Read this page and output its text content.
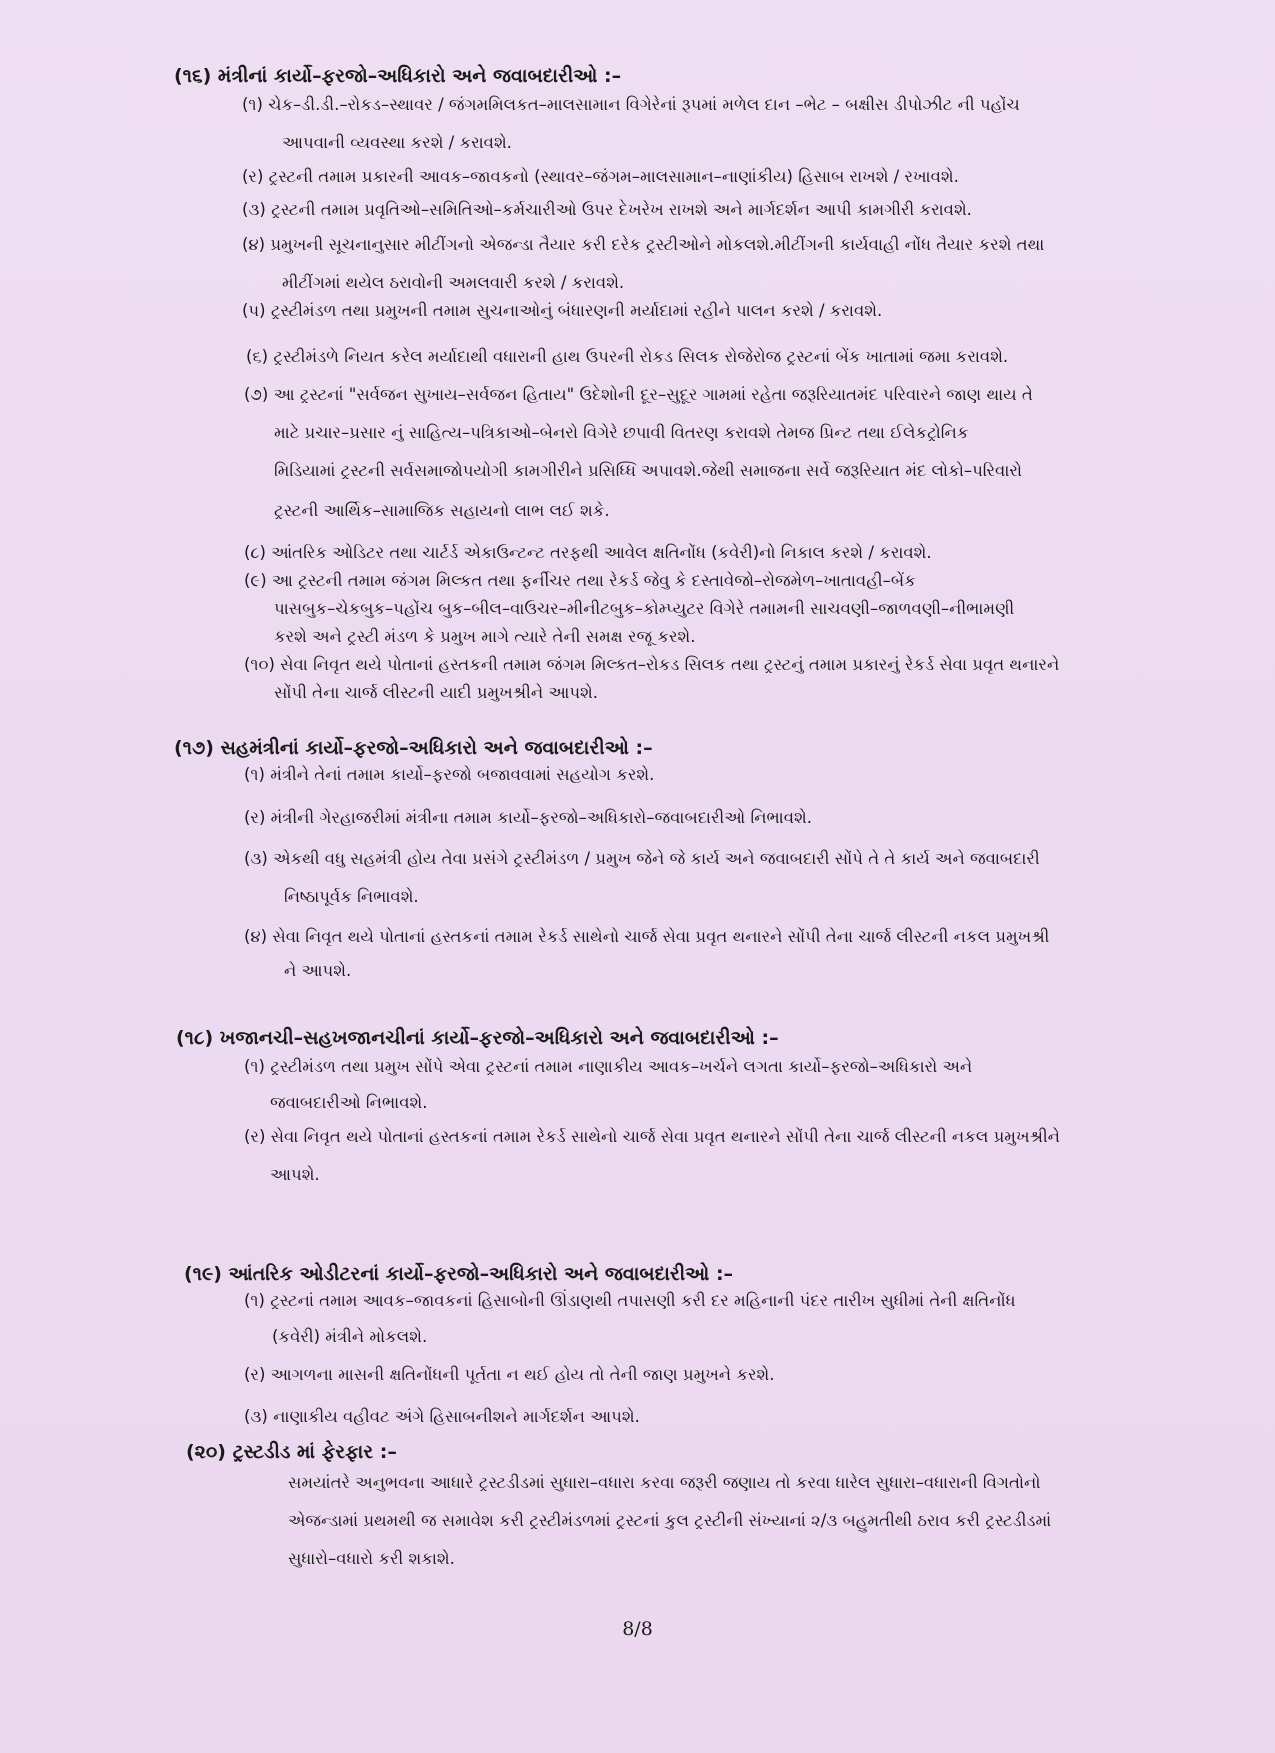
(૧૬) મંત્રીનાં કાર્યો–ફરજો–અધિકારો અને જવાબદારીઓ :–
(૧) ચેક–ડી.ડી.–રોકડ–સ્થાવર / જંગમમિલકત–માલસામાન વિગેરેનાં રૂપમાં મળેલ દાન –ભેટ – બક્ષીસ ડીપોઝીટ ની પહોંચ
આપવાની વ્યવસ્થા કરશે / કરાવશે.
(ર) ટ્રસ્ટની તમામ પ્રકારની આવક–જાવકનો (સ્થાવર–જંગમ–માલસામાન–નાણાંકીય) હિસાબ રાખશે / રખાવશે.
(૩) ટ્રસ્ટની તમામ પ્રવૃતિઓ–સમિતિઓ–કર્મચારીઓ ઉપર દેખરેખ રાખશે અને માર્ગદર્શન આપી કામગીરી કરાવશે.
(૪) પ્રમુખની સૂચનાનુસાર મીટીંગનો એજન્ડા તૈયાર કરી દરેક ટ્રસ્ટીઓને મોકલશે.મીટીંગની કાર્યવાહી નોંધ તૈયાર કરશે તથા
મીટીંગમાં થયેલ ઠરાવોની અમલવારી કરશે / કરાવશે.
(પ) ટ્રસ્ટીમંડળ તથા પ્રમુખની તમામ સુચનાઓનું બંધારણની મર્યાદામાં રહીને પાલન કરશે / કરાવશે.
(૬) ટ્રસ્ટીમંડળે નિયત કરેલ મર્યાદાથી વધારાની હાથ ઉપરની રોકડ સિલક રોજેરોજ ટ્રસ્ટનાં બેંક ખાતામાં જમા કરાવશે.
(૭) આ ટ્રસ્ટનાં "સર્વજન સુખાય–સર્વજન હિતાય" ઉદેશોની દૂર–સુદૂર ગામમાં રહેતા જરૂરિયાતમંદ પરિવારને જાણ થાય તે
માટે પ્રચાર–પ્રસાર નું સાહિત્ય–પત્રિકાઓ–બેનરો વિગેરે છપાવી વિતરણ કરાવશે તેમજ પ્રિન્ટ તથા ઈલેકટ્રોનિક
મિડિયામાં ટ્રસ્ટની સર્વસમાજોપયોગી કામગીરીને પ્રસિધ્ધિ અપાવશે.જેથી સમાજના સર્વે જરૂરિયાત મંદ લોકો–પરિવારો
ટ્રસ્ટની આર્થિક–સામાજિક સહાયનો લાભ લઈ શકે.
(૮) આંતરિક ઓડિટર તથા ચાર્ટર્ડ એકાઉન્ટન્ટ તરફથી આવેલ ક્ષતિનોંધ (કવેરી)નો નિકાલ કરશે / કરાવશે.
(૯) આ ટ્રસ્ટની તમામ જંગમ મિલ્કત તથા ફર્નીચર તથા રેકર્ડ જેવુ કે દસ્તાવેજો–રોજમેળ–ખાતાવહી–બેંક
પાસબુક–ચેકબુક–પહોંચ બુક–બીલ–વાઉચર–મીનીટબુક–કોમ્પ્યુટર વિગેરે તમામની સાચવણી–જાળવણી–નીભામણી
કરશે અને ટ્રસ્ટી મંડળ કે પ્રમુખ માગે ત્યારે તેની સમક્ષ રજૂ કરશે.
(૧૦) સેવા નિવૃત થયે પોતાનાં હસ્તકની તમામ જંગમ મિલ્કત–રોકડ સિલક તથા ટ્રસ્ટનું તમામ પ્રકારનું રેકર્ડ સેવા પ્રવૃત થનારને
સોંપી તેના ચાર્જ લીસ્ટની યાદી પ્રમુખશ્રીને આપશે.
(૧૭) સહમંત્રીનાં કાર્યો–ફરજો–અધિકારો અને જવાબદારીઓ :–
(૧) મંત્રીને તેનાં તમામ કાર્યો–ફરજો બજાવવામાં સહયોગ કરશે.
(ર) મંત્રીની ગેરહાજરીમાં મંત્રીના તમામ કાર્યો–ફરજો–અધિકારો–જવાબદારીઓ નિભાવશે.
(૩) એકથી વધુ સહમંત્રી હોય તેવા પ્રસંગે ટ્રસ્ટીમંડળ / પ્રમુખ જેને જે કાર્ય અને જવાબદારી સોંપે તે તે કાર્ય અને જવાબદારી
નિષ્ઠાપૂર્વક નિભાવશે.
(૪) સેવા નિવૃત થયે પોતાનાં હસ્તકનાં તમામ રેકર્ડ સાથેનો ચાર્જ સેવા પ્રવૃત થનારને સોંપી તેના ચાર્જ લીસ્ટની નકલ પ્રમુખશ્રી
ને આપશે.
(૧૮) ખજાનચી–સહખજાનચીનાં કાર્યો–ફરજો–અધિકારો અને જવાબદારીઓ :–
(૧) ટ્રસ્ટીમંડળ તથા પ્રમુખ સોંપે એવા ટ્રસ્ટનાં તમામ નાણાકીય આવક–ખર્ચને લગતા કાર્યો–ફરજો–અધિકારો અને
જવાબદારીઓ નિભાવશે.
(ર) સેવા નિવૃત થયે પોતાનાં હસ્તકનાં તમામ રેકર્ડ સાથેનો ચાર્જ સેવા પ્રવૃત થનારને સોંપી તેના ચાર્જ લીસ્ટની નકલ પ્રમુખશ્રીને
આપશે.
(૧૯) આંતરિક ઓડીટરનાં કાર્યો–ફરજો–અધિકારો અને જવાબદારીઓ :–
(૧) ટ્રસ્ટનાં તમામ આવક–જાવકનાં હિસાબોની ઊંડાણથી તપાસણી કરી દર મહિનાની પંદર તારીખ સુધીમાં તેની ક્ષતિનોંધ
(કવેરી) મંત્રીને મોકલશે.
(ર) આગળના માસની ક્ષતિનોંધની પૂર્તતા ન થઈ હોય તો તેની જાણ પ્રમુખને કરશે.
(૩) નાણાકીય વહીવટ અંગે હિસાબનીશને માર્ગદર્શન આપશે.
(૨૦) ટ્રસ્ટડીડ માં ફેરફાર :–
સમયાંતરે અનુભવના આધારે ટ્રસ્ટડીડમાં સુધારા–વધારા કરવા જરૂરી જણાય તો કરવા ધારેલ સુધારા–વધારાની વિગતોનો
એજન્ડામાં પ્રથમથી જ સમાવેશ કરી ટ્રસ્ટીમંડળમાં ટ્રસ્ટનાં કુલ ટ્રસ્ટીની સંખ્યાનાં ૨/૩ બહુમતીથી ઠરાવ કરી ટ્રસ્ટડીડમાં
સુધારો–વધારો કરી શકાશે.
8/8
